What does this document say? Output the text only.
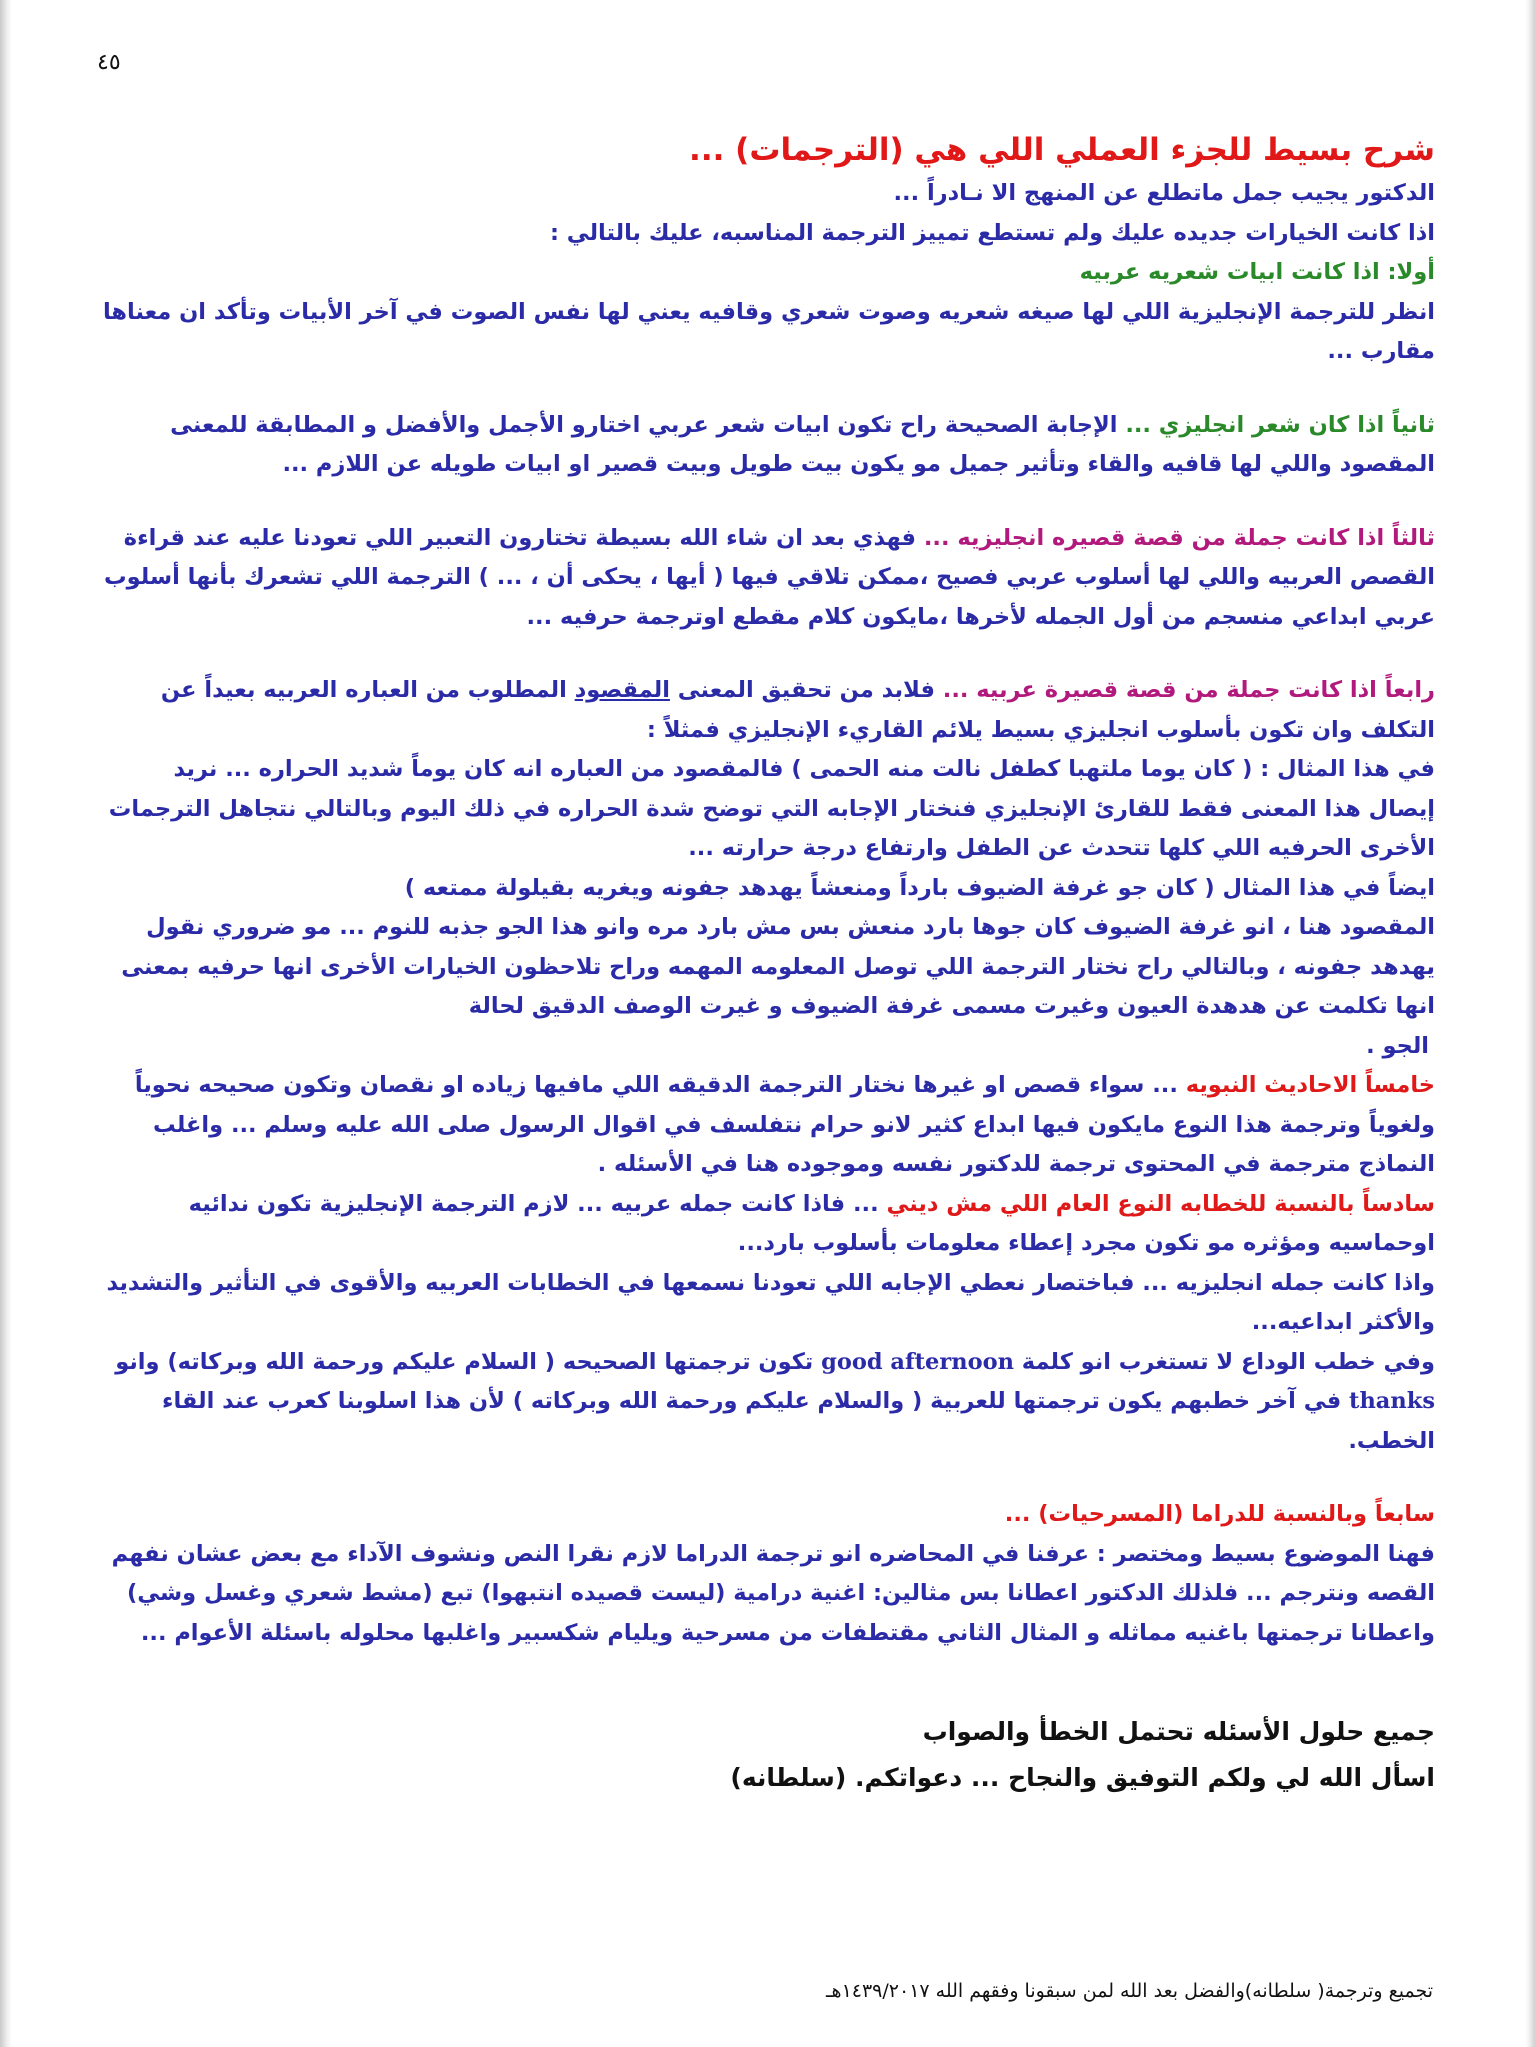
٤٥

شرح بسيط للجزء العملي اللي هي (الترجمات) ...

الدكتور يجيب جمل ماتطلع عن المنهج الا نـادراً ...

اذا كانت الخيارات جديده عليك ولم تستطع تمييز الترجمة المناسبه، عليك بالتالي :

أولا: اذا كانت ابيات شعريه عربيه

انظر للترجمة الإنجليزية اللي لها صيغه شعريه وصوت شعري وقافيه يعني لها نفس الصوت في آخر الأبيات وتأكد ان معناها مقارب ...

ثانياً اذا كان شعر انجليزي ... الإجابة الصحيحة راح تكون ابيات شعر عربي اختارو الأجمل والأفضل و المطابقة للمعنى المقصود واللي لها قافيه والقاء وتأثير جميل مو يكون بيت طويل وبيت قصير او ابيات طويله عن اللازم ...

ثالثاً اذا كانت جملة من قصة قصيره انجليزيه ... فهذي بعد ان شاء الله بسيطة تختارون التعبير اللي تعودنا عليه عند قراءة القصص العربيه واللي لها أسلوب عربي فصيح ،ممكن تلاقي فيها ( أيها ، يحكى أن ، ... ) الترجمة اللي تشعرك بأنها أسلوب عربي ابداعي منسجم من أول الجمله لأخرها ،مايكون كلام مقطع اوترجمة حرفيه ...

رابعاً اذا كانت جملة من قصة قصيرة عربيه ... فلابد من تحقيق المعنى المقصود المطلوب من العباره العربيه بعيداً عن التكلف وان تكون بأسلوب انجليزي بسيط يلائم القاريء الإنجليزي فمثلاً :

في هذا المثال : ( كان يوما ملتهبا كطفل نالت منه الحمى ) فالمقصود من العباره انه كان يوماً شديد الحراره ... نريد إيصال هذا المعنى فقط للقارئ الإنجليزي فنختار الإجابه التي توضح شدة الحراره في ذلك اليوم وبالتالي نتجاهل الترجمات الأخرى الحرفيه اللي كلها تتحدث عن الطفل وارتفاع درجة حرارته ...

ايضاً في هذا المثال ( كان جو غرفة الضيوف بارداً ومنعشاً يهدهد جفونه ويغريه بقيلولة ممتعه )

المقصود هنا ، انو غرفة الضيوف كان جوها بارد منعش بس مش بارد مره وانو هذا الجو جذبه للنوم ... مو ضروري نقول يهدهد جفونه ، وبالتالي راح نختار الترجمة اللي توصل المعلومه المهمه وراح تلاحظون الخيارات الأخرى انها حرفيه بمعنى انها تكلمت عن هدهدة العيون وغيرت مسمى غرفة الضيوف و غيرت الوصف الدقيق لحالة

الجو .

خامساً الاحاديث النبويه ... سواء قصص او غيرها نختار الترجمة الدقيقه اللي مافيها زياده او نقصان وتكون صحيحه نحوياً ولغوياً وترجمة هذا النوع مايكون فيها ابداع كثير لانو حرام نتفلسف في اقوال الرسول صلى الله عليه وسلم ... واغلب النماذج مترجمة في المحتوى ترجمة للدكتور نفسه وموجوده هنا في الأسئله .

سادساً بالنسبة للخطابه النوع العام اللي مش ديني ... فاذا كانت جمله عربيه ... لازم الترجمة الإنجليزية تكون ندائيه اوحماسيه ومؤثره مو تكون مجرد إعطاء معلومات بأسلوب بارد...

واذا كانت جمله انجليزيه ... فباختصار نعطي الإجابه اللي تعودنا نسمعها في الخطابات العربيه والأقوى في التأثير والتشديد والأكثر ابداعيه...

وفي خطب الوداع لا تستغرب انو كلمة good afternoon تكون ترجمتها الصحيحه ( السلام عليكم ورحمة الله وبركاته) وانو thanks في آخر خطبهم يكون ترجمتها للعربية ( والسلام عليكم ورحمة الله وبركاته ) لأن هذا اسلوبنا كعرب عند القاء الخطب.

سابعاً وبالنسبة للدراما (المسرحيات) ...

فهنا الموضوع بسيط ومختصر : عرفنا في المحاضره انو ترجمة الدراما لازم نقرا النص ونشوف الآداء مع بعض عشان نفهم القصه ونترجم ... فلذلك الدكتور اعطانا بس مثالين: اغنية درامية (ليست قصيده انتبهوا) تبع (مشط شعري وغسل وشي) واعطانا ترجمتها باغنيه مماثله و المثال الثاني مقتطفات من مسرحية ويليام شكسبير واغلبها محلوله باسئلة الأعوام ...

جميع حلول الأسئله تحتمل الخطأ والصواب

اسأل الله لي ولكم التوفيق والنجاح ... دعواتكم. (سلطانه)

تجميع وترجمة( سلطانه)والفضل بعد الله لمن سبقونا وفقهم الله ١٤٣٩/٢٠١٧هـ
